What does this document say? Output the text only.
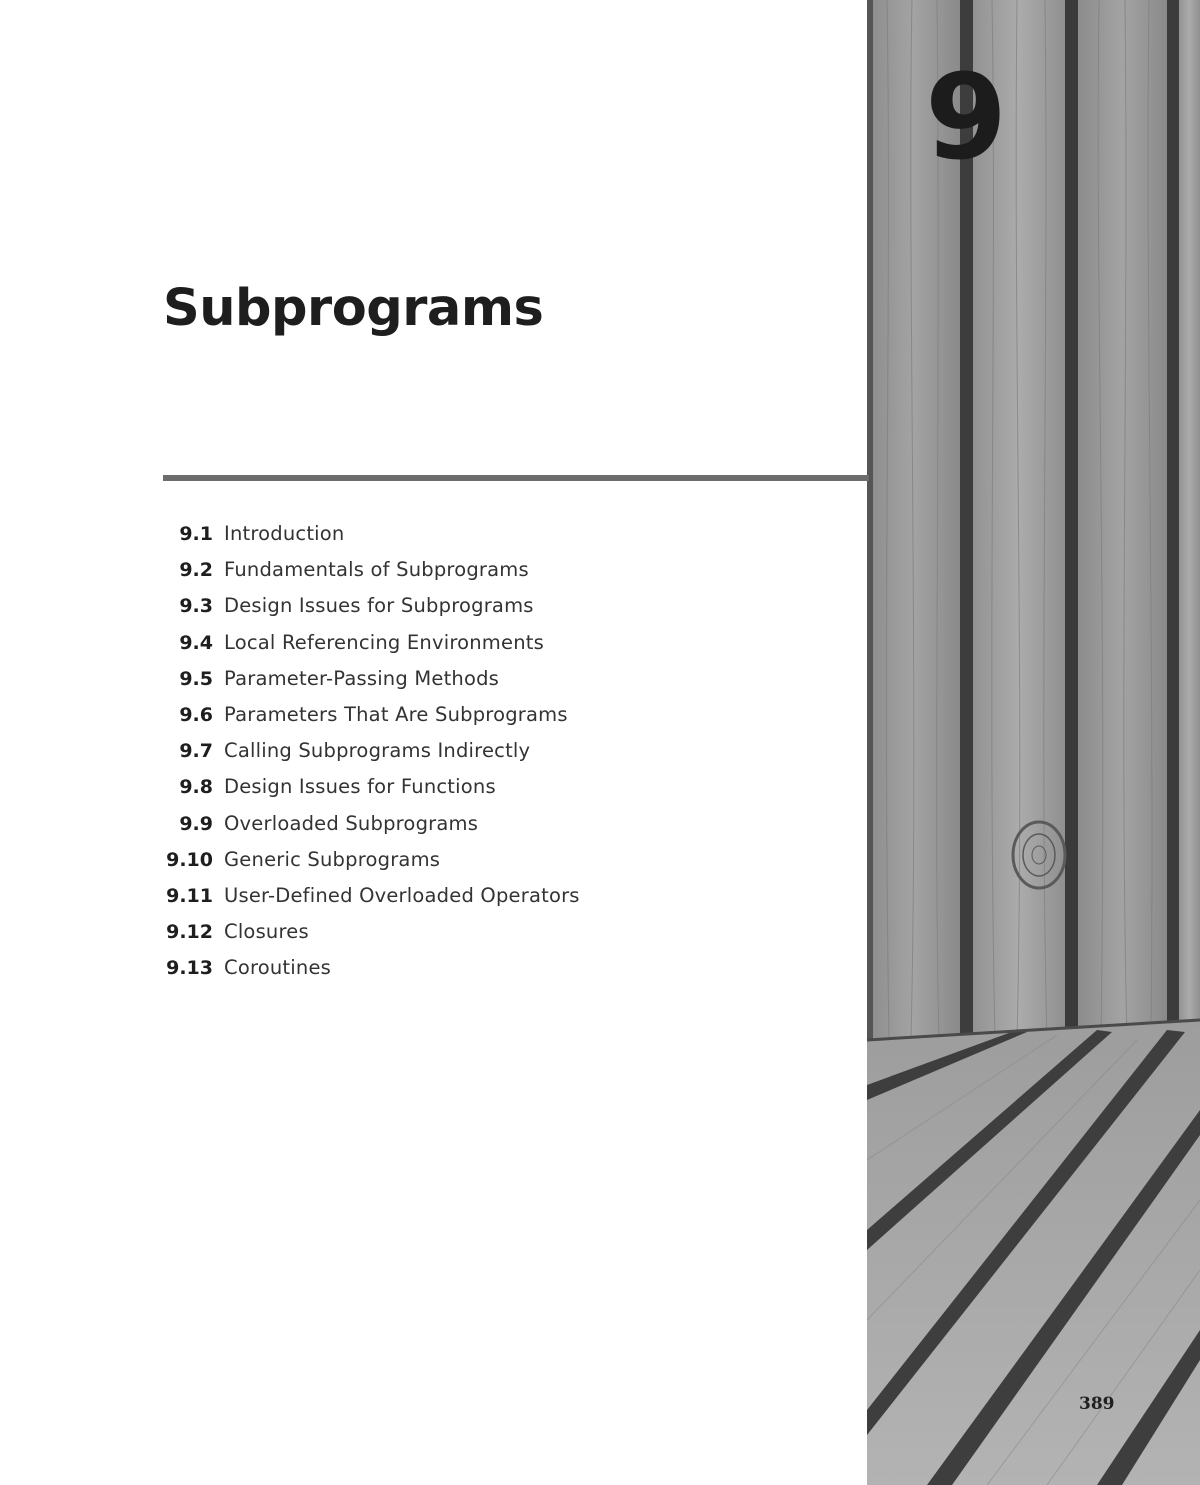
9
389
Subprograms
9.1 Introduction
9.2 Fundamentals of Subprograms
9.3 Design Issues for Subprograms
9.4 Local Referencing Environments
9.5 Parameter-Passing Methods
9.6 Parameters That Are Subprograms
9.7 Calling Subprograms Indirectly
9.8 Design Issues for Functions
9.9 Overloaded Subprograms
9.10 Generic Subprograms
9.11 User-Defined Overloaded Operators
9.12 Closures
9.13 Coroutines
